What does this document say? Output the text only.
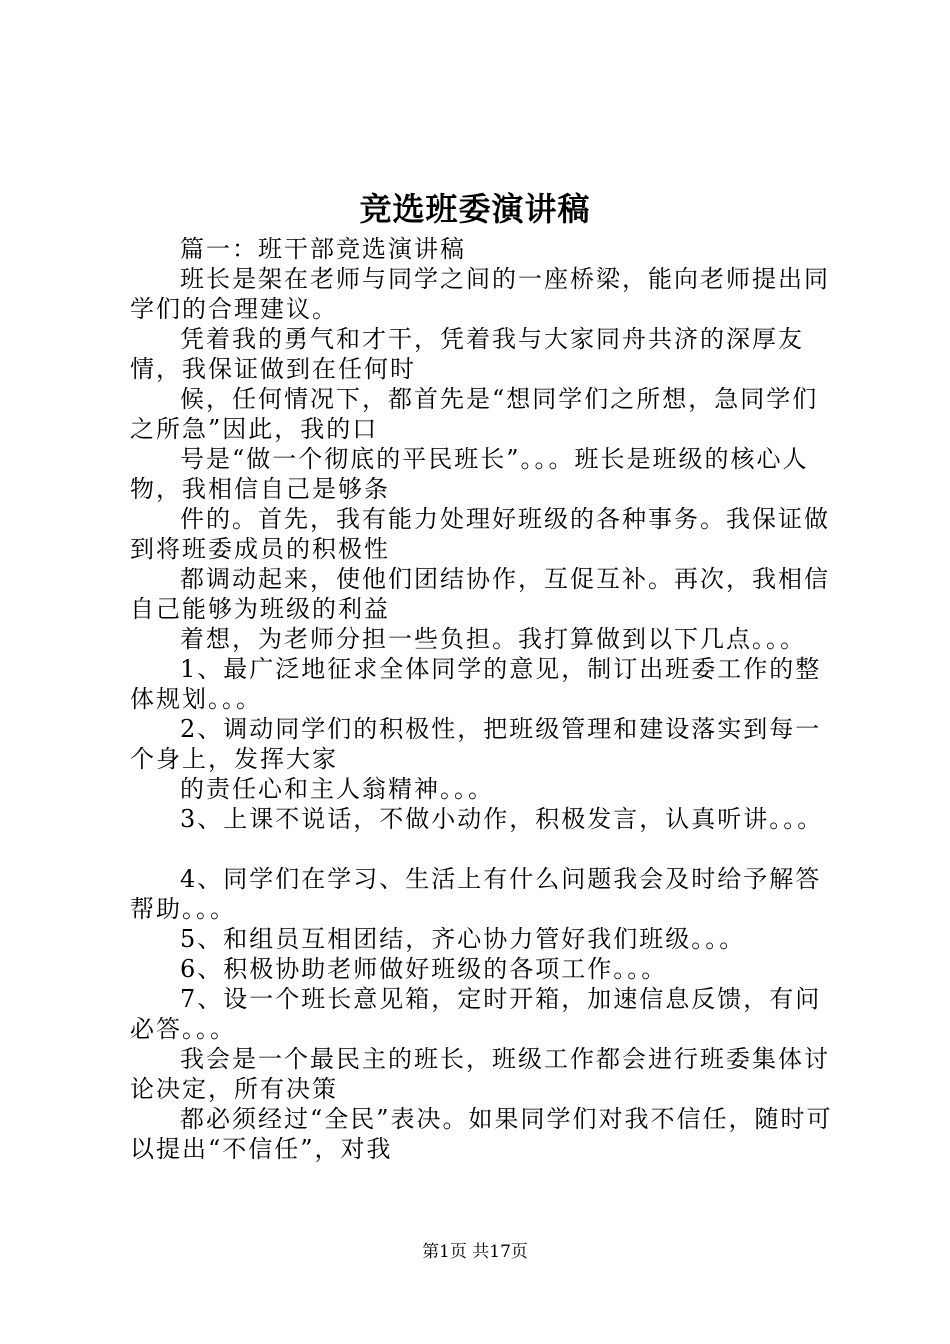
竞选班委演讲稿

篇一：班干部竞选演讲稿

班长是架在老师与同学之间的一座桥梁，能向老师提出同学们的合理建议。

凭着我的勇气和才干，凭着我与大家同舟共济的深厚友情，我保证做到在任何时

候，任何情况下，都首先是“想同学们之所想，急同学们之所急”因此，我的口

号是“做一个彻底的平民班长”。。。班长是班级的核心人物，我相信自己是够条

件的。首先，我有能力处理好班级的各种事务。我保证做到将班委成员的积极性

都调动起来，使他们团结协作，互促互补。再次，我相信自己能够为班级的利益

着想，为老师分担一些负担。我打算做到以下几点。。。

1、最广泛地征求全体同学的意见，制订出班委工作的整体规划。。。

2、调动同学们的积极性，把班级管理和建设落实到每一个身上，发挥大家

的责任心和主人翁精神。。。

3、上课不说话，不做小动作，积极发言，认真听讲。。。

4、同学们在学习、生活上有什么问题我会及时给予解答帮助。。。

5、和组员互相团结，齐心协力管好我们班级。。。

6、积极协助老师做好班级的各项工作。。。

7、设一个班长意见箱，定时开箱，加速信息反馈，有问必答。。。

我会是一个最民主的班长，班级工作都会进行班委集体讨论决定，所有决策

都必须经过“全民”表决。如果同学们对我不信任，随时可以提出“不信任”，对我

第1页 共17页
